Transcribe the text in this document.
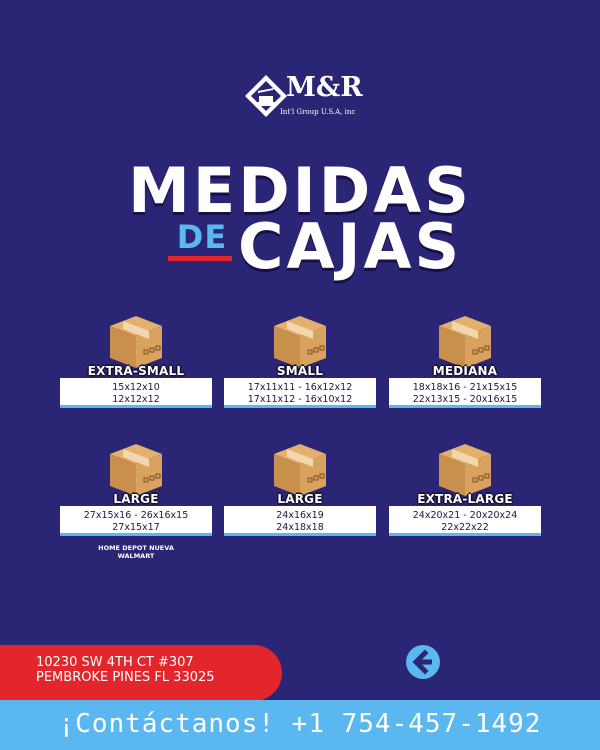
M&R
Int'l Group U.S.A, inc
MEDIDAS
DE CAJAS
EXTRA-SMALL
15x12x10
12x12x12
SMALL
17x11x11 - 16x12x12
17x11x12 - 16x10x12
MEDIANA
18x18x16 - 21x15x15
22x13x15 - 20x16x15
LARGE
27x15x16 - 26x16x15
27x15x17
HOME DEPOT NUEVA WALMART
LARGE
24x16x19
24x18x18
EXTRA-LARGE
24x20x21 - 20x20x24
22x22x22
10230 SW 4TH CT #307
PEMBROKE PINES FL 33025
¡Contáctanos! +1 754-457-1492
